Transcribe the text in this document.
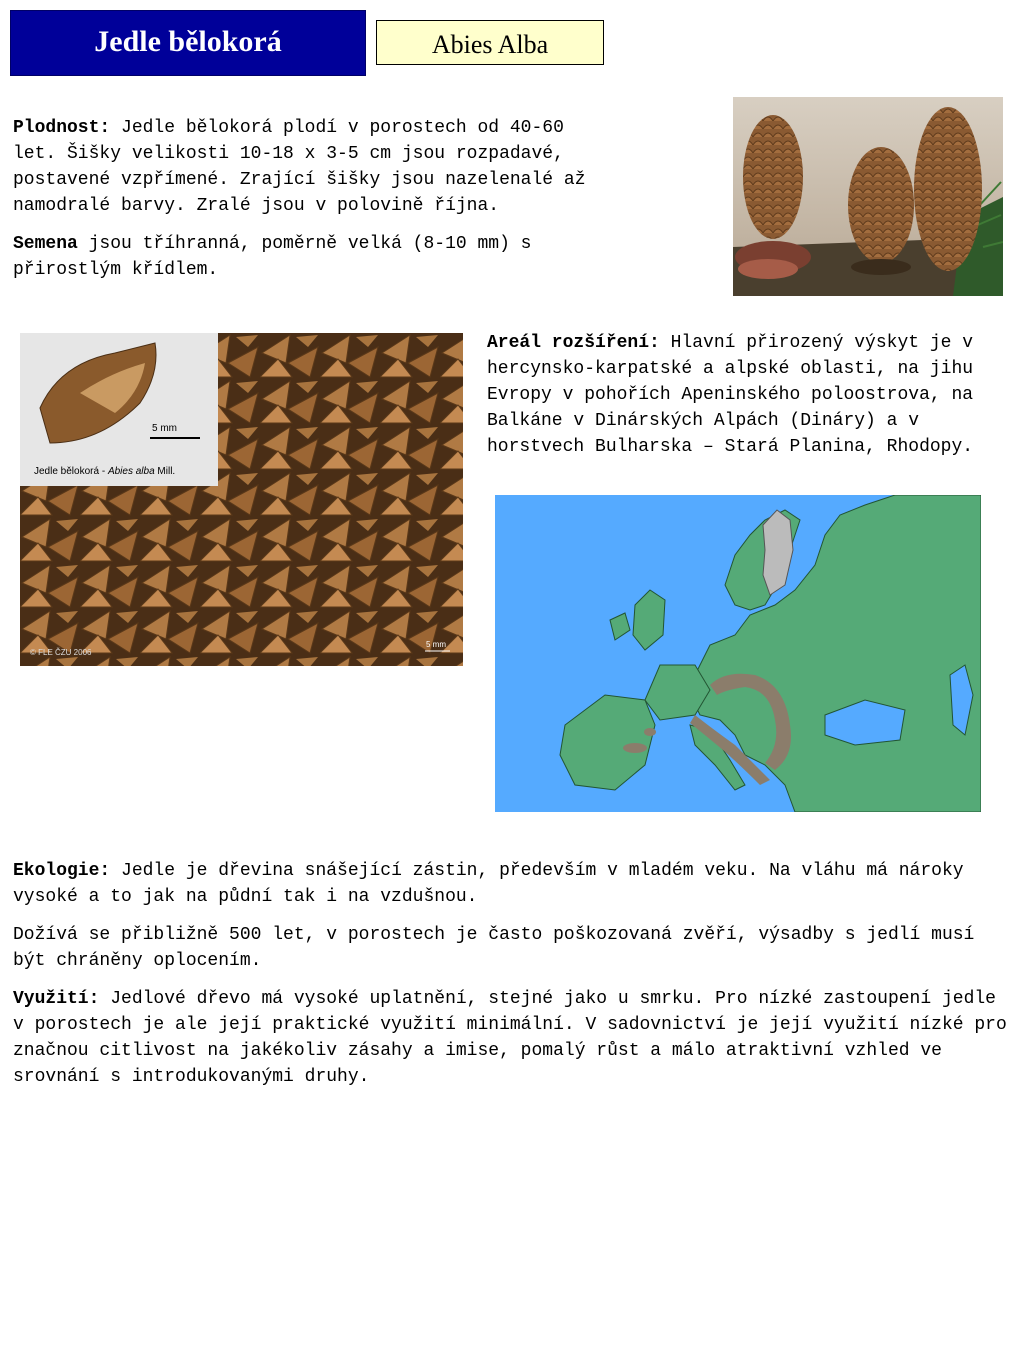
Jedle bělokorá	Abies Alba

Plodnost: Jedle bělokorá plodí v porostech od 40-60 let. Šišky velikosti 10-18 x 3-5 cm jsou rozpadavé, postavené vzpřímené. Zrající šišky jsou nazelenalé až namodralé barvy. Zralé jsou v polovině října.

Semena jsou tříhranná, poměrně velká (8-10 mm) s přirostlým křídlem.

5 mm
Jedle bělokorá - Abies alba Mill.
5 mm
© FLE ČZU 2006

Areál rozšíření: Hlavní přirozený výskyt je v hercynsko-karpatské a alpské oblasti, na jihu Evropy v pohořích Apeninského poloostrova, na Balkáne v Dinárských Alpách (Dináry) a v horstvech Bulharska – Stará Planina, Rhodopy.

Ekologie: Jedle je dřevina snášející zástin, především v mladém veku. Na vláhu má nároky vysoké a to jak na půdní tak i na vzdušnou.

Dožívá se přibližně 500 let, v porostech je často poškozovaná zvěří, výsadby s jedlí musí být chráněny oplocením.

Využití: Jedlové dřevo má vysoké uplatnění, stejné jako u smrku. Pro nízké zastoupení jedle v porostech je ale její praktické využití minimální. V sadovnictví je její využití nízké pro značnou citlivost na jakékoliv zásahy a imise, pomalý růst a málo atraktivní vzhled ve srovnání s introdukovanými druhy.
